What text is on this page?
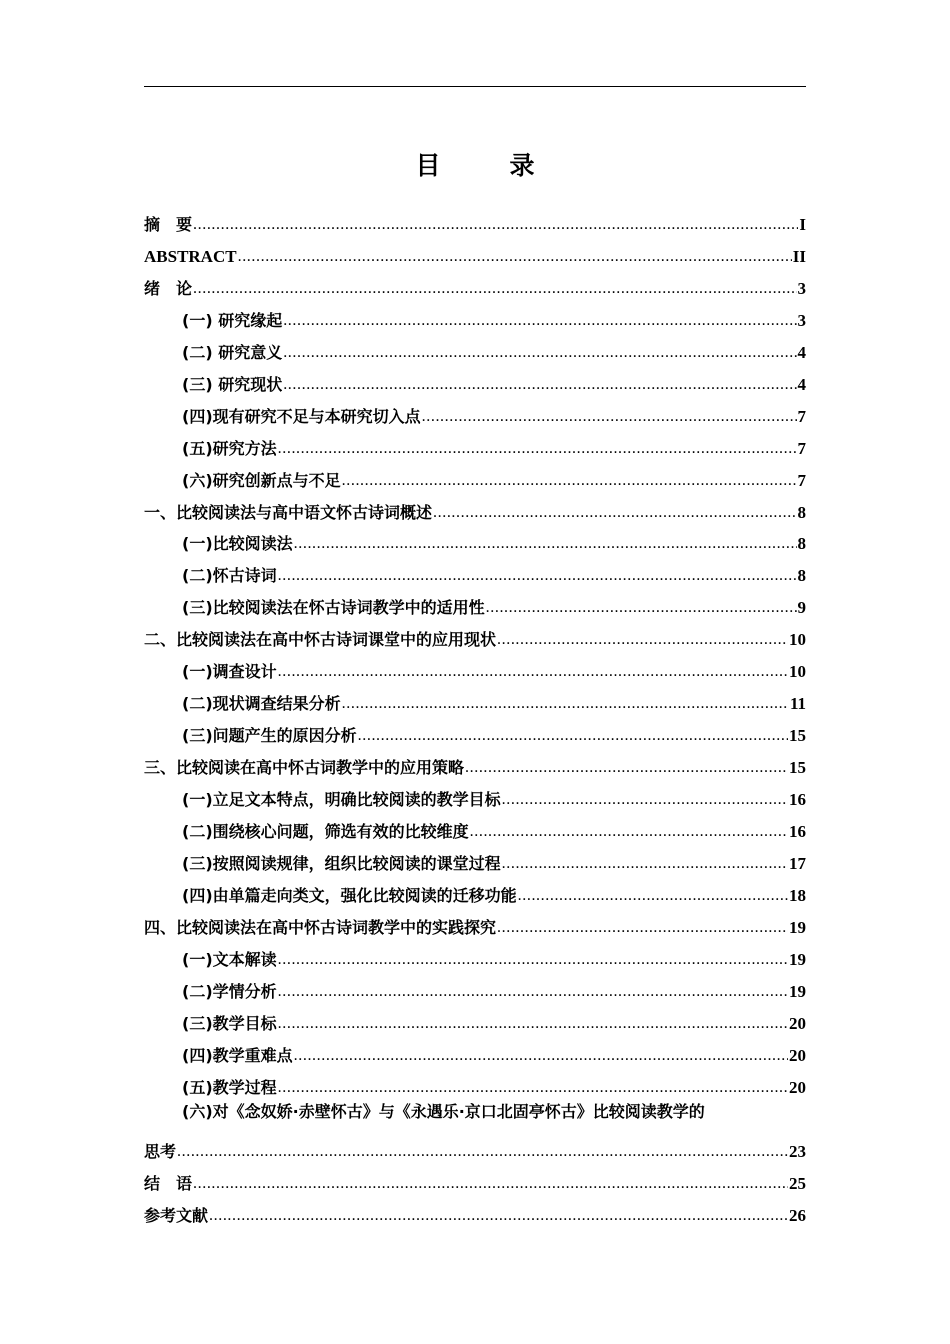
目　录
摘　要 .....	I
ABSTRACT .....	II
绪　论 .....	3
(一) 研究缘起 .....	3
(二) 研究意义 .....	4
(三) 研究现状 .....	4
(四)现有研究不足与本研究切入点 .....	7
(五)研究方法 .....	7
(六)研究创新点与不足 .....	7
一、比较阅读法与高中语文怀古诗词概述 .....	8
(一)比较阅读法 .....	8
(二)怀古诗词 .....	8
(三)比较阅读法在怀古诗词教学中的适用性 .....	9
二、比较阅读法在高中怀古诗词课堂中的应用现状 .....	10
(一)调查设计 .....	10
(二)现状调查结果分析 .....	11
(三)问题产生的原因分析 .....	15
三、比较阅读在高中怀古词教学中的应用策略 .....	15
(一)立足文本特点，明确比较阅读的教学目标 .....	16
(二)围绕核心问题，筛选有效的比较维度 .....	16
(三)按照阅读规律，组织比较阅读的课堂过程 .....	17
(四)由单篇走向类文，强化比较阅读的迁移功能 .....	18
四、比较阅读法在高中怀古诗词教学中的实践探究 .....	19
(一)文本解读 .....	19
(二)学情分析 .....	19
(三)教学目标 .....	20
(四)教学重难点 .....	20
(五)教学过程 .....	20
(六)对《念奴娇·赤壁怀古》与《永遇乐·京口北固亭怀古》比较阅读教学的
思考 .....	23
结　语 .....	25
参考文献 .....	26
